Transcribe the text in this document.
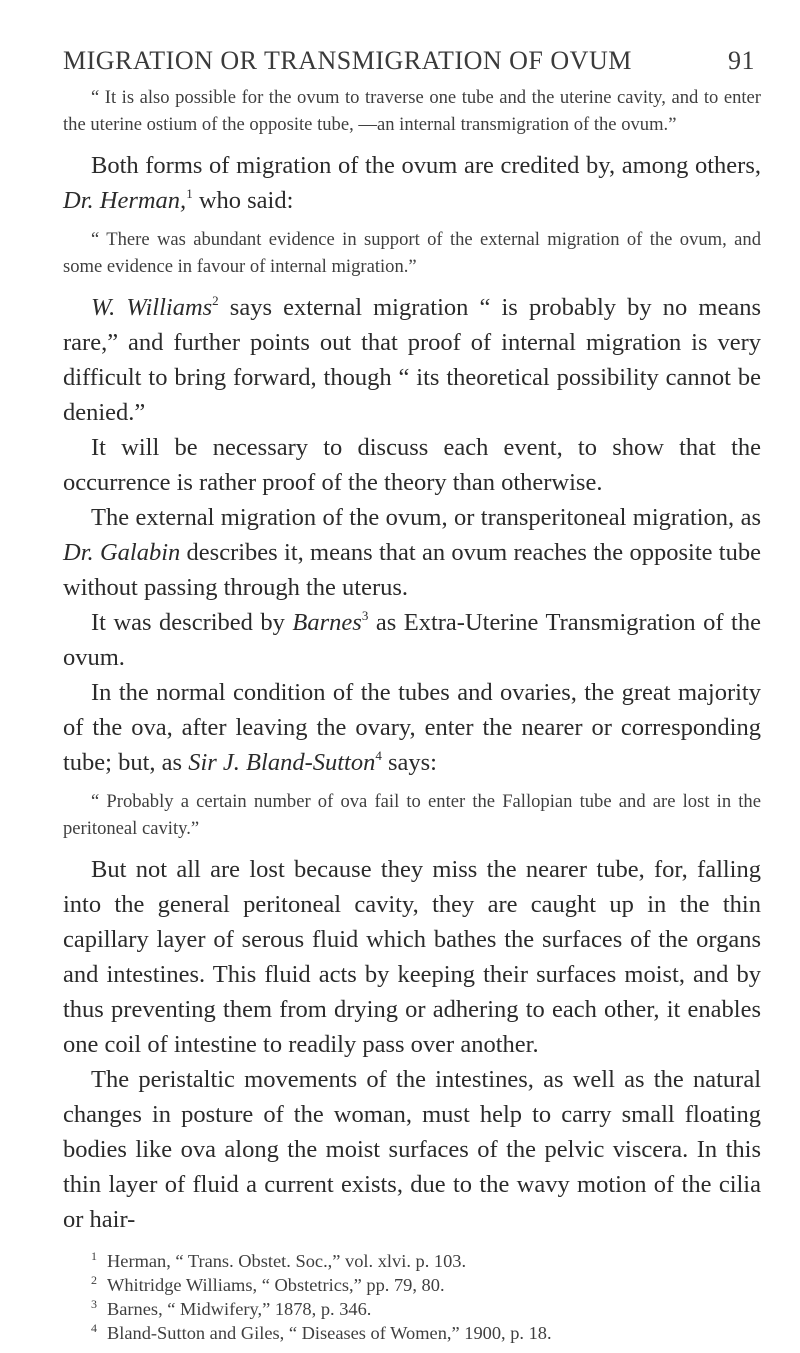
MIGRATION OR TRANSMIGRATION OF OVUM	91

“ It is also possible for the ovum to traverse one tube and the uterine cavity, and to enter the uterine ostium of the opposite tube, —an internal transmigration of the ovum.”

Both forms of migration of the ovum are credited by, among others, Dr. Herman,$^1$ who said:

“ There was abundant evidence in support of the external migration of the ovum, and some evidence in favour of internal migration.”

W. Williams$^2$ says external migration “ is probably by no means rare,” and further points out that proof of internal migration is very difficult to bring forward, though “ its theoretical possibility cannot be denied.”

It will be necessary to discuss each event, to show that the occurrence is rather proof of the theory than otherwise.

The external migration of the ovum, or transperitoneal migration, as Dr. Galabin describes it, means that an ovum reaches the opposite tube without passing through the uterus.

It was described by Barnes$^3$ as Extra-Uterine Transmigration of the ovum.

In the normal condition of the tubes and ovaries, the great majority of the ova, after leaving the ovary, enter the nearer or corresponding tube; but, as Sir J. Bland-Sutton$^4$ says:

“ Probably a certain number of ova fail to enter the Fallopian tube and are lost in the peritoneal cavity.”

But not all are lost because they miss the nearer tube, for, falling into the general peritoneal cavity, they are caught up in the thin capillary layer of serous fluid which bathes the surfaces of the organs and intestines. This fluid acts by keeping their surfaces moist, and by thus preventing them from drying or adhering to each other, it enables one coil of intestine to readily pass over another.

The peristaltic movements of the intestines, as well as the natural changes in posture of the woman, must help to carry small floating bodies like ova along the moist surfaces of the pelvic viscera. In this thin layer of fluid a current exists, due to the wavy motion of the cilia or hair-

$^1$ Herman, “ Trans. Obstet. Soc.,” vol. xlvi. p. 103.
$^2$ Whitridge Williams, “ Obstetrics,” pp. 79, 80.
$^3$ Barnes, “ Midwifery,” 1878, p. 346.
$^4$ Bland-Sutton and Giles, “ Diseases of Women,” 1900, p. 18.
